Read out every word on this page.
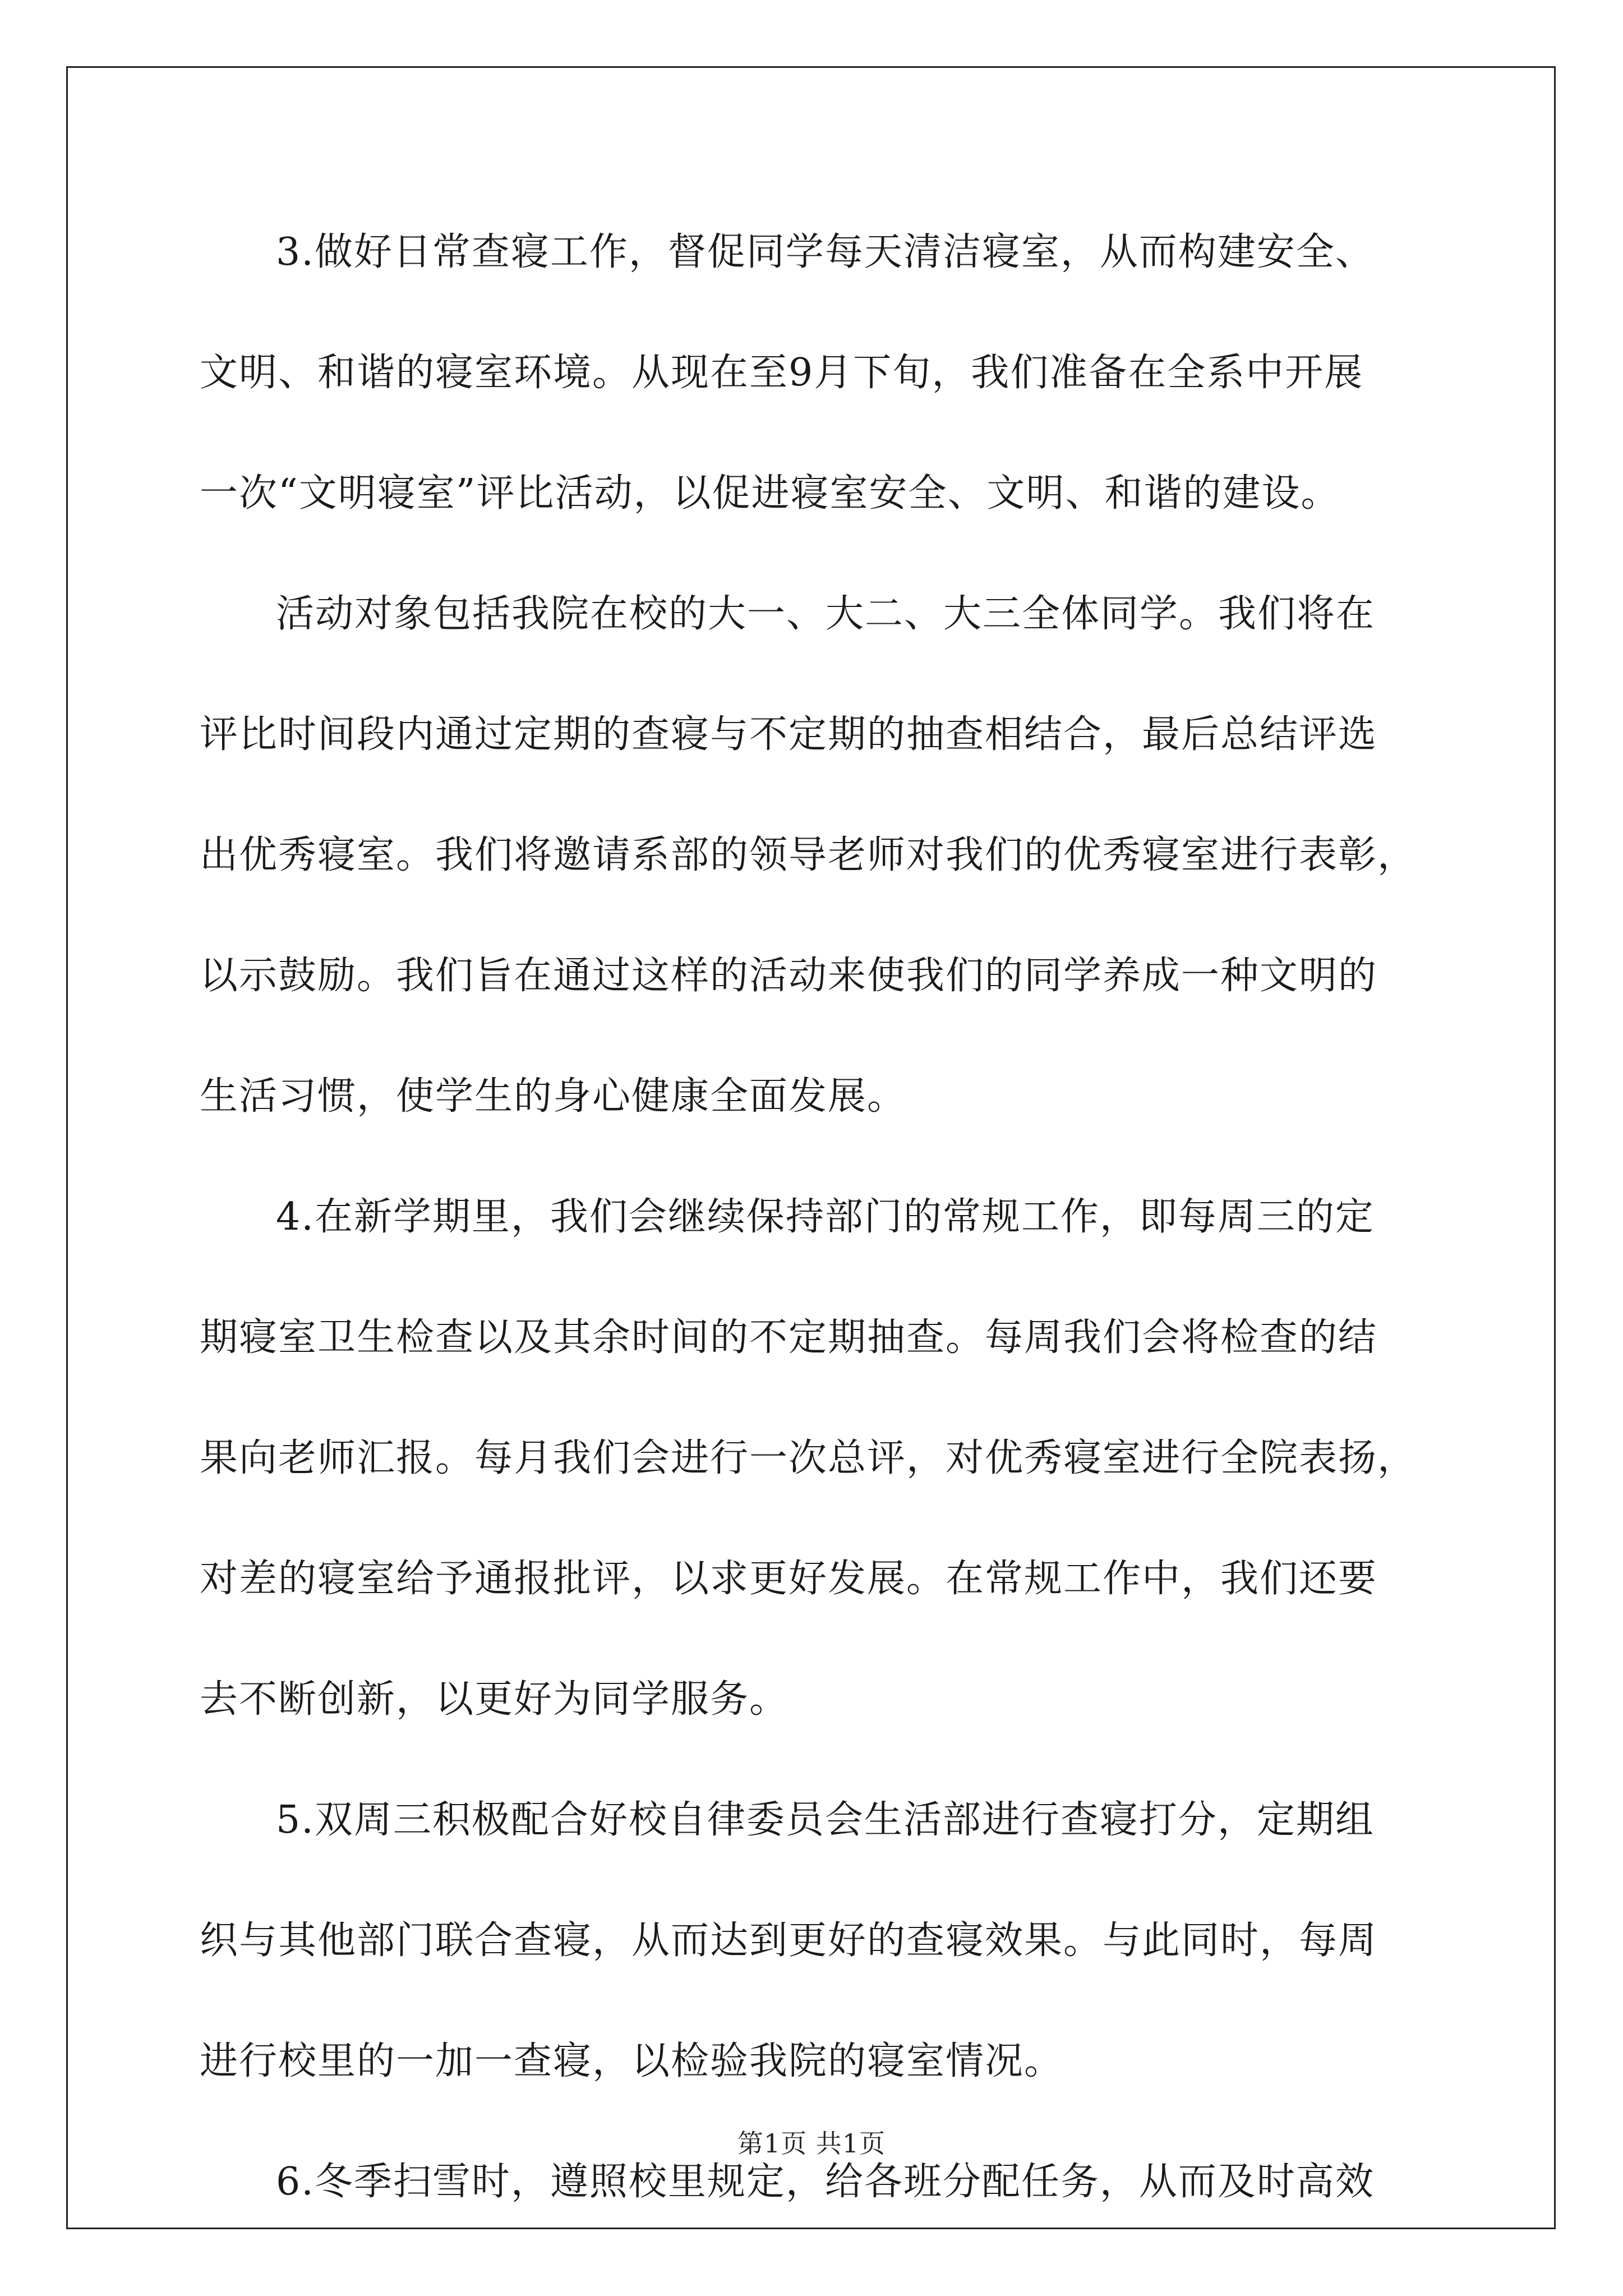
3.做好日常查寝工作，督促同学每天清洁寝室，从而构建安全、
文明、和谐的寝室环境。从现在至9月下旬，我们准备在全系中开展
一次“文明寝室”评比活动，以促进寝室安全、文明、和谐的建设。
活动对象包括我院在校的大一、大二、大三全体同学。我们将在
评比时间段内通过定期的查寝与不定期的抽查相结合，最后总结评选
出优秀寝室。我们将邀请系部的领导老师对我们的优秀寝室进行表彰，
以示鼓励。我们旨在通过这样的活动来使我们的同学养成一种文明的
生活习惯，使学生的身心健康全面发展。
4.在新学期里，我们会继续保持部门的常规工作，即每周三的定
期寝室卫生检查以及其余时间的不定期抽查。每周我们会将检查的结
果向老师汇报。每月我们会进行一次总评，对优秀寝室进行全院表扬，
对差的寝室给予通报批评，以求更好发展。在常规工作中，我们还要
去不断创新，以更好为同学服务。
5.双周三积极配合好校自律委员会生活部进行查寝打分，定期组
织与其他部门联合查寝，从而达到更好的查寝效果。与此同时，每周
进行校里的一加一查寝，以检验我院的寝室情况。
6.冬季扫雪时，遵照校里规定，给各班分配任务，从而及时高效
第1页 共1页
